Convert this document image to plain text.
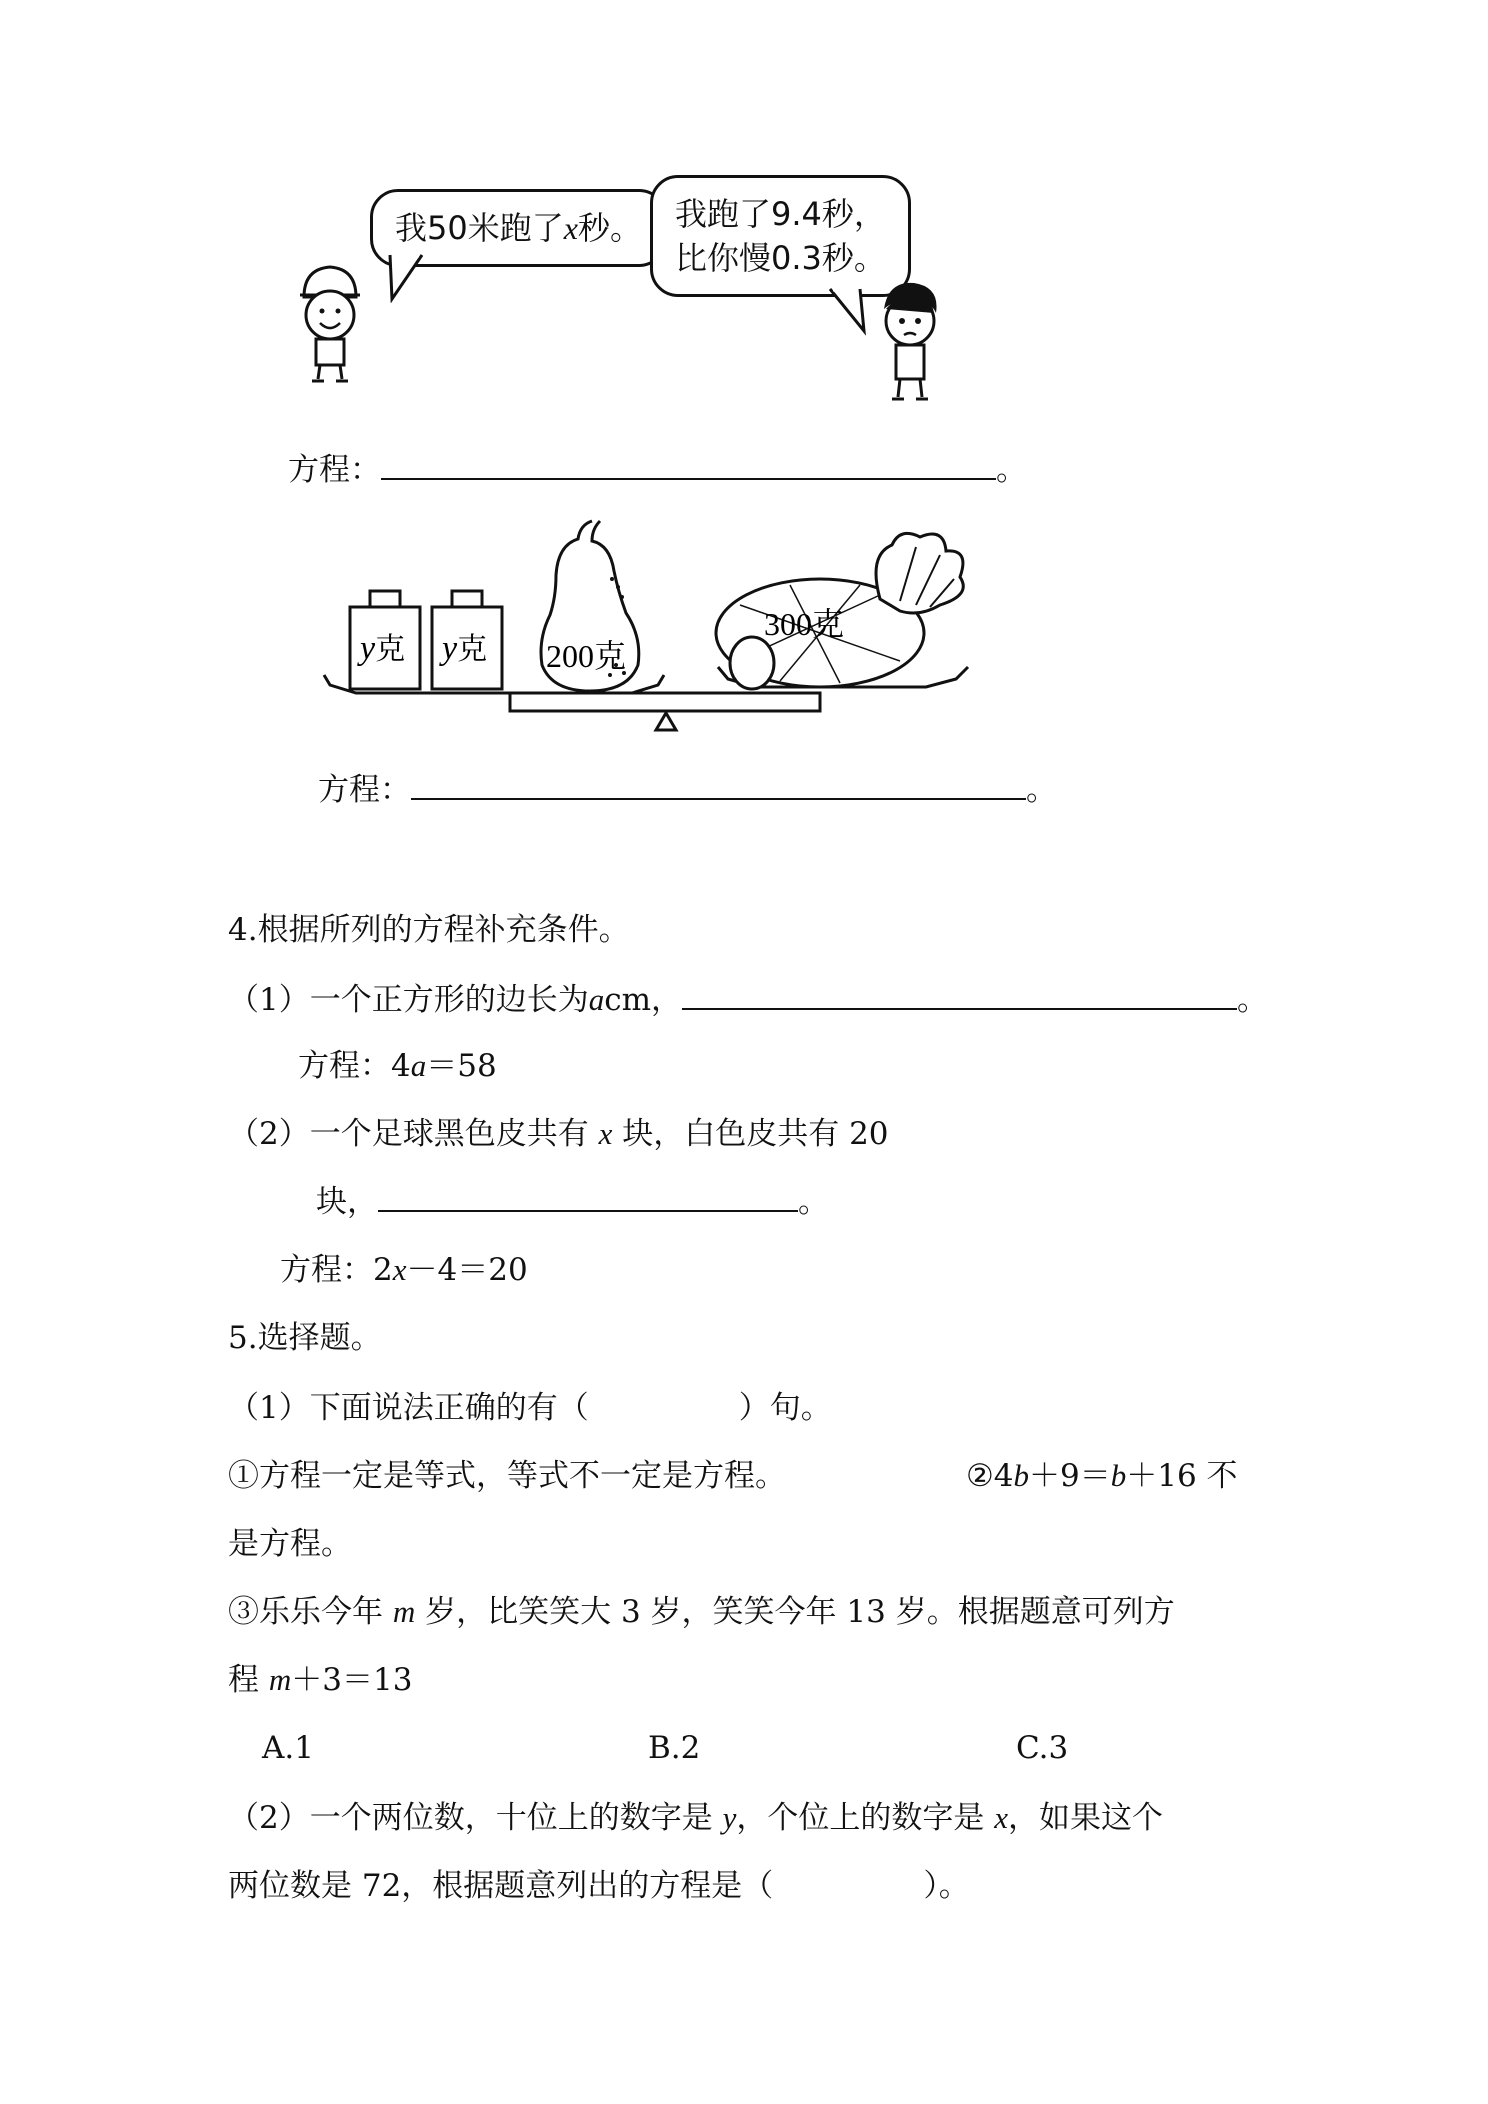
我50米跑了x秒。	我跑了9.4秒，
比你慢0.3秒。
方程：	。
y克 y克 200克
300克
方程：	。
4.根据所列的方程补充条件。
（1）一个正方形的边长为acm，	。
方程：4a＝58
（2）一个足球黑色皮共有 x 块，白色皮共有 20
块，	。
方程：2x－4＝20
5.选择题。
（1）下面说法正确的有（	）句。
①方程一定是等式，等式不一定是方程。	②4b＋9＝b＋16 不
是方程。
③乐乐今年 m 岁，比笑笑大 3 岁，笑笑今年 13 岁。根据题意可列方
程 m＋3＝13
A.1	B.2	C.3
（2）一个两位数，十位上的数字是 y，个位上的数字是 x，如果这个
两位数是 72，根据题意列出的方程是（	）。
